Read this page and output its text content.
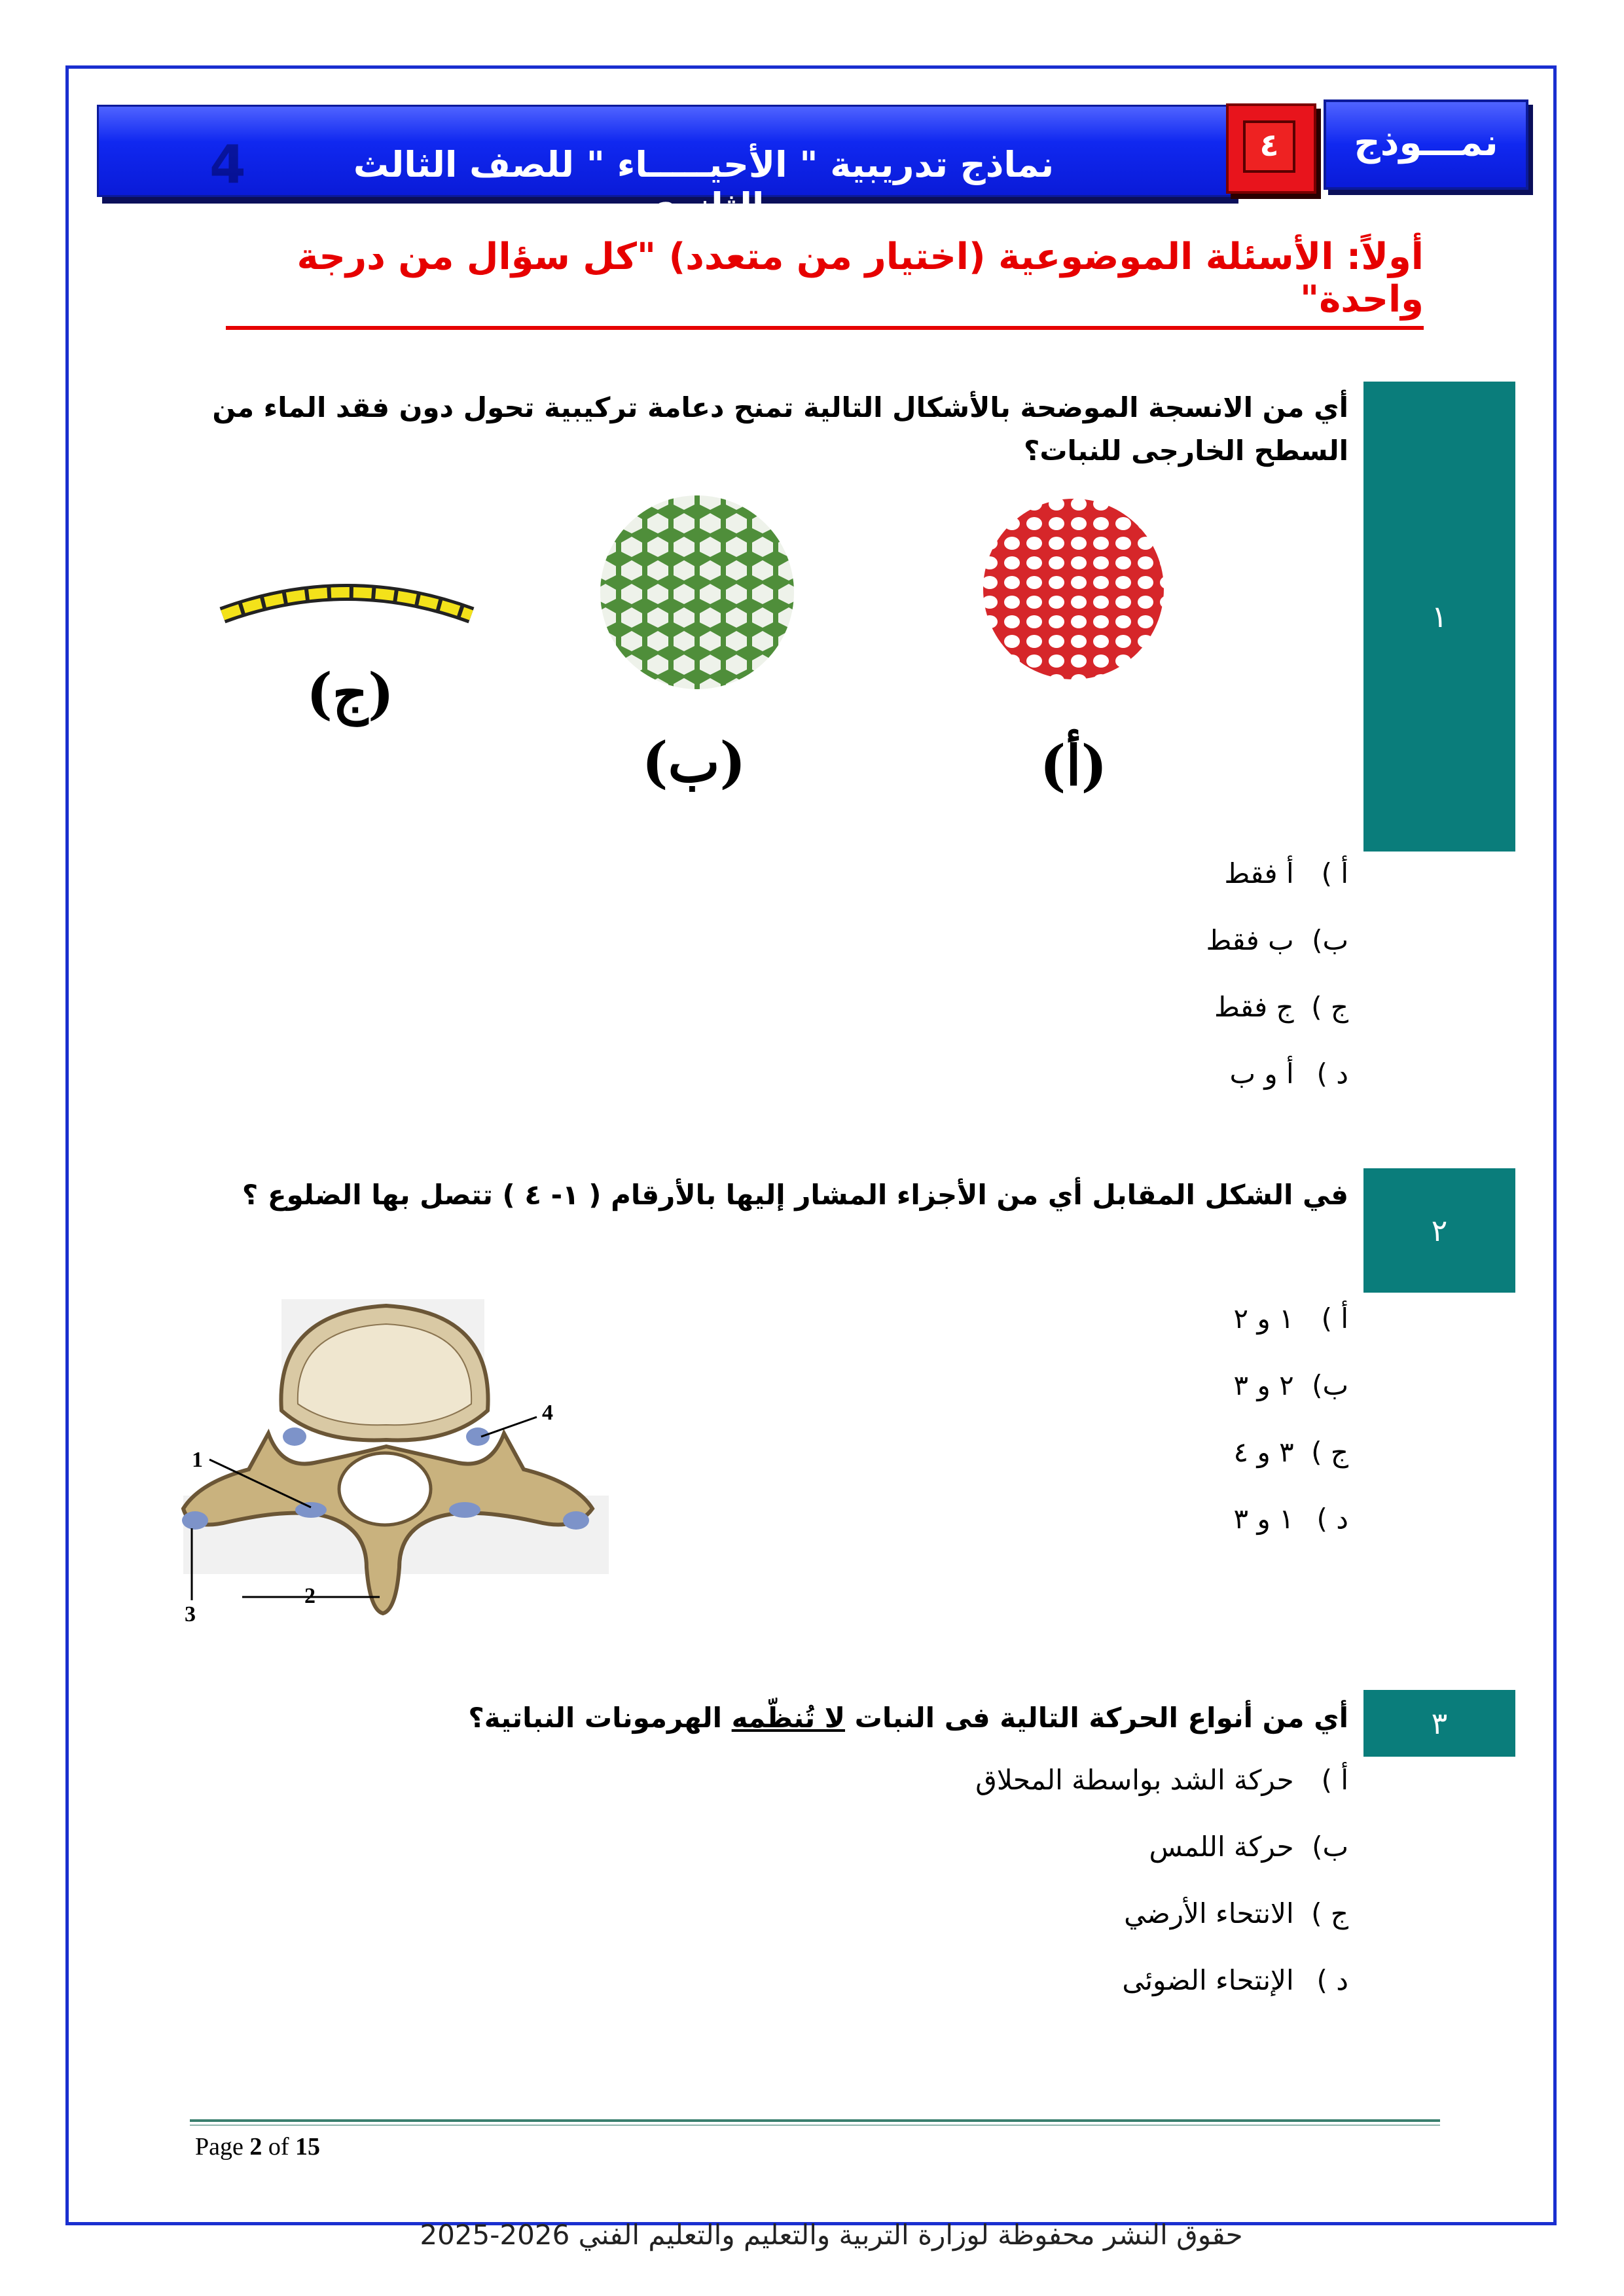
4	نماذج تدريبية " الأحيـــــاء " للصف الثالث الثانوى
٤	نمـــوذج
أولاً: الأسئلة الموضوعية (اختيار من متعدد) "كل سؤال من درجة واحدة"
١
أي من الانسجة الموضحة بالأشكال التالية تمنح دعامة تركيبية تحول دون فقد الماء من السطح الخارجى للنبات؟
(أ)
(ب)
(ج)
أ ) أ فقط
ب) ب فقط
ج ) ج فقط
د ) أ و ب
٢
في الشكل المقابل أي من الأجزاء المشار إليها بالأرقام ( ١- ٤ ) تتصل بها الضلوع ؟
1
2
3
4
أ ) ١ و ٢
ب) ٢ و ٣
ج ) ٣ و ٤
د ) ١ و ٣
٣
أي من أنواع الحركة التالية فى النبات لا تُنظّمه الهرمونات النباتية؟
أ ) حركة الشد بواسطة المحلاق
ب) حركة اللمس
ج ) الانتحاء الأرضي
د ) الإنتحاء الضوئى
Page 2 of 15
حقوق النشر محفوظة لوزارة التربية والتعليم والتعليم الفني 2026-2025
